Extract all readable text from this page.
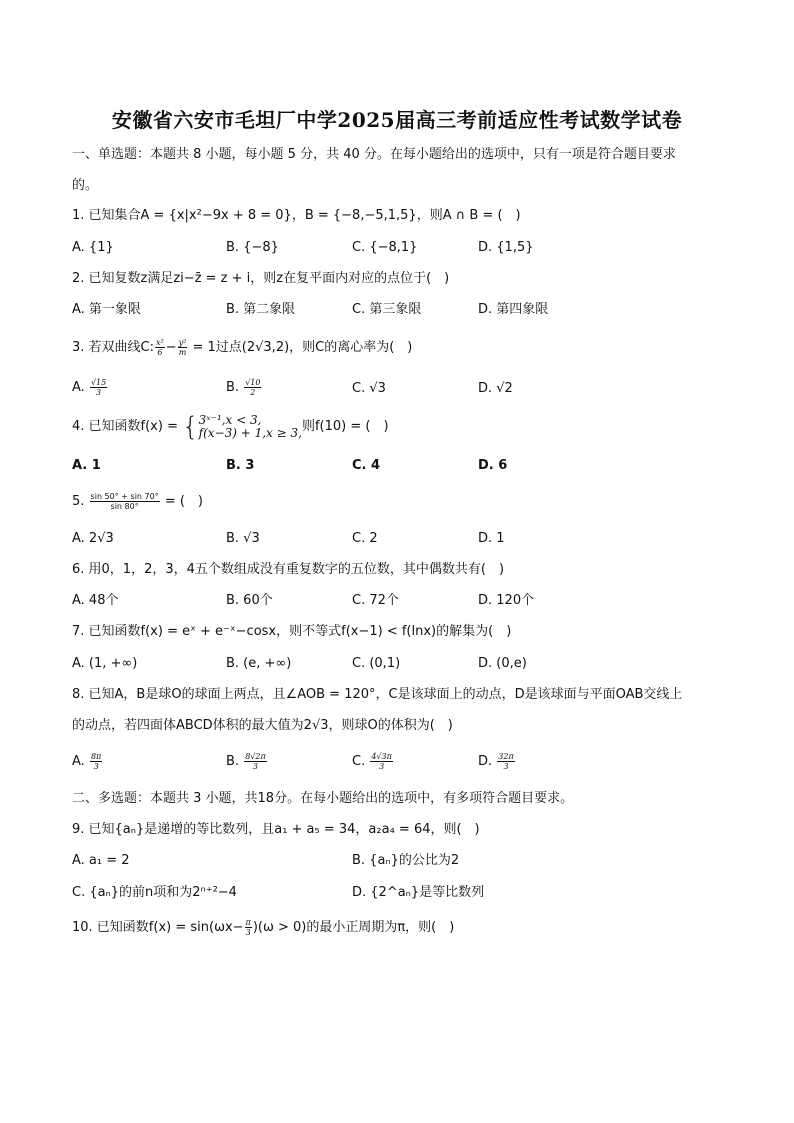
安徽省六安市毛坦厂中学2025届高三考前适应性考试数学试卷
一、单选题：本题共 8 小题，每小题 5 分，共 40 分。在每小题给出的选项中，只有一项是符合题目要求
的。
1. 已知集合A = {x|x²−9x + 8 = 0}，B = {−8,−5,1,5}，则A ∩ B = (　)
A. {1}	B. {−8}	C. {−8,1}	D. {1,5}
2. 已知复数z满足zi−z̄ = z + i，则z在复平面内对应的点位于(　)
A. 第一象限	B. 第二象限	C. 第三象限	D. 第四象限
3. 若双曲线C: $\frac{\text{x²}}{6} - \frac{\text{y²}}{m} = 1$过点(2√3,2)，则C的离心率为(　)
A. $\frac{√15}{3}$	B. $\frac{√10}{2}$	C. √3	D. √2
4. 已知函数f(x) = { 3ˣ⁻¹,x < 3,
f(x−3) + 1,x ≥ 3, 则f(10) = (　)
A. 1	B. 3	C. 4	D. 6
5. $\frac{\sin 50^\circ + \sin 70^\circ}{\sin 80^\circ}$ = (　)
A. 2√3	B. √3	C. 2	D. 1
6. 用0，1，2，3，4五个数组成没有重复数字的五位数，其中偶数共有(　)
A. 48个	B. 60个	C. 72个	D. 120个
7. 已知函数f(x) = eˣ + e⁻ˣ−cosx，则不等式f(x−1) < f(lnx)的解集为(　)
A. (1, +∞)	B. (e, +∞)	C. (0,1)	D. (0,e)
8. 已知A，B是球O的球面上两点，且∠AOB = 120°，C是该球面上的动点，D是该球面与平面OAB交线上
的动点，若四面体ABCD体积的最大值为2√3，则球O的体积为(　)
A. $\frac{8\pi}{3}$	B. $\frac{8√2\pi}{3}$	C. $\frac{4√3\pi}{3}$	D. $\frac{32\pi}{3}$
二、多选题：本题共 3 小题，共18分。在每小题给出的选项中，有多项符合题目要求。
9. 已知{aₙ}是递增的等比数列，且a₁ + a₅ = 34，a₂a₄ = 64，则(　)
A. a₁ = 2	B. {aₙ}的公比为2
C. {aₙ}的前n项和为2ⁿ⁺²−4	D. {2^aₙ}是等比数列
10. 已知函数$f(x) = \sin(\omega x- \frac{\pi}{3} )(\omega > 0)$的最小正周期为π，则(　)
